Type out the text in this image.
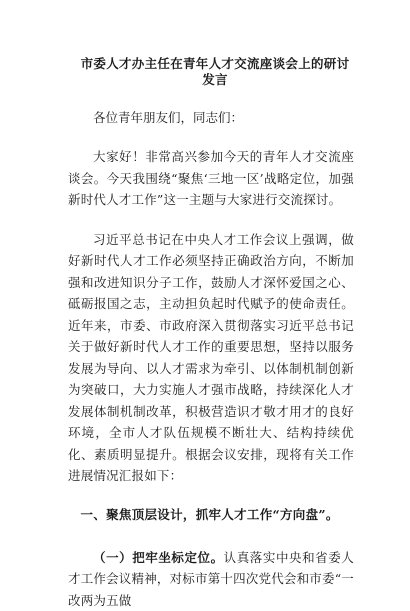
市委人才办主任在青年人才交流座谈会上的研讨发言
各位青年朋友们，同志们：

大家好！非常高兴参加今天的青年人才交流座谈会。今天我围绕“聚焦‘三地一区’战略定位，加强新时代人才工作”这一主题与大家进行交流探讨。

习近平总书记在中央人才工作会议上强调，做好新时代人才工作必须坚持正确政治方向，不断加强和改进知识分子工作，鼓励人才深怀爱国之心、砥砺报国之志，主动担负起时代赋予的使命责任。近年来，市委、市政府深入贯彻落实习近平总书记关于做好新时代人才工作的重要思想，坚持以服务发展为导向、以人才需求为牵引、以体制机制创新为突破口，大力实施人才强市战略，持续深化人才发展体制机制改革，积极营造识才敬才用才的良好环境，全市人才队伍规模不断壮大、结构持续优化、素质明显提升。根据会议安排，现将有关工作进展情况汇报如下：

一、聚焦顶层设计，抓牢人才工作“方向盘”。

（一）把牢坐标定位。认真落实中央和省委人才工作会议精神，对标市第十四次党代会和市委“一改两为五做
